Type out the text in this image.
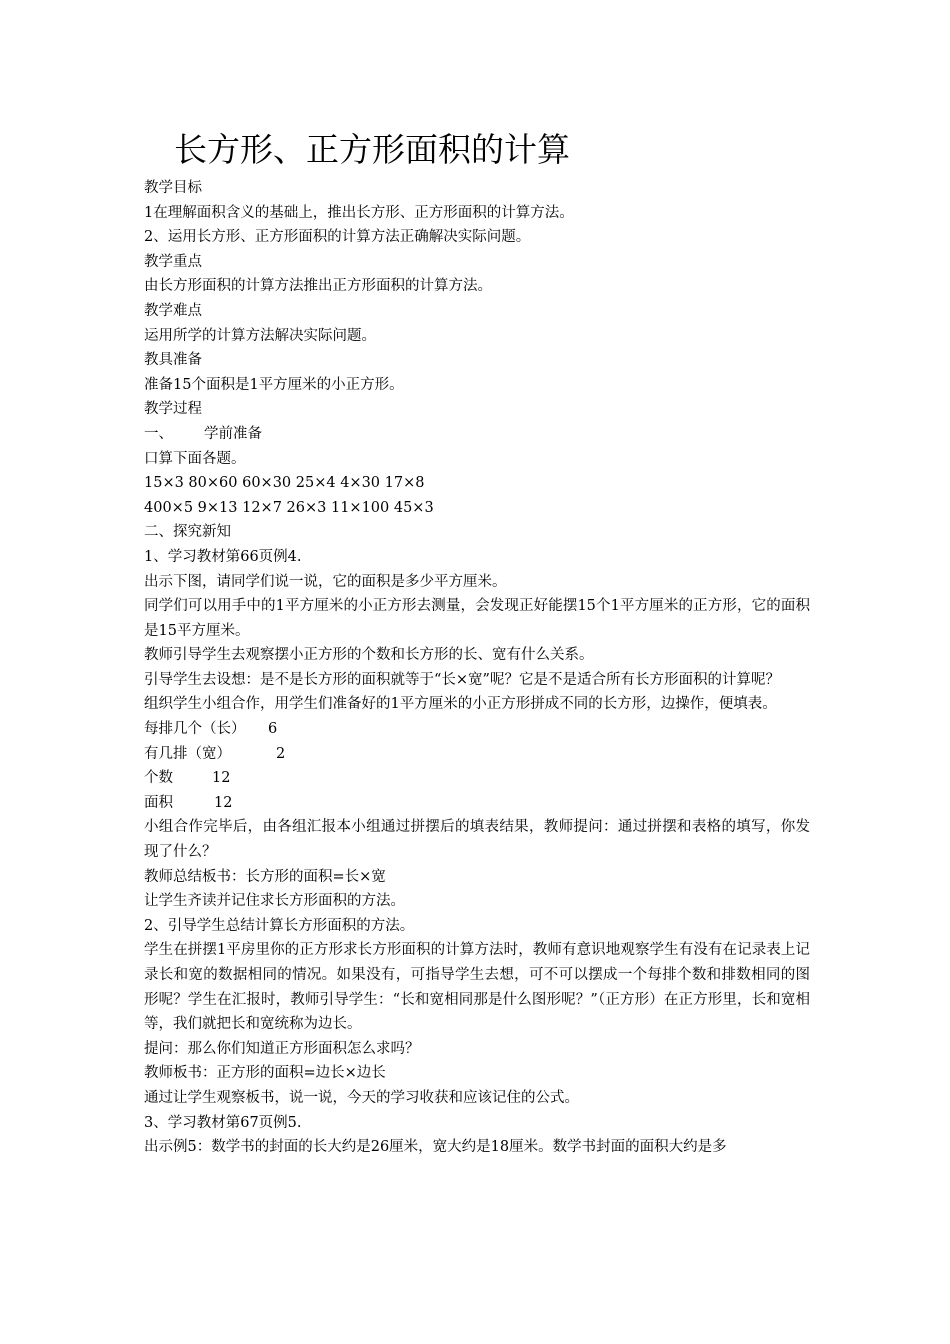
长方形、正方形面积的计算
教学目标
1在理解面积含义的基础上，推出长方形、正方形面积的计算方法。
2、运用长方形、正方形面积的计算方法正确解决实际问题。
教学重点
由长方形面积的计算方法推出正方形面积的计算方法。
教学难点
运用所学的计算方法解决实际问题。
教具准备
准备15个面积是1平方厘米的小正方形。
教学过程
一、 学前准备
口算下面各题。
15×3 80×60 60×30 25×4 4×30 17×8
400×5 9×13 12×7 26×3 11×100 45×3
二、探究新知
1、学习教材第66页例4.
出示下图，请同学们说一说，它的面积是多少平方厘米。
同学们可以用手中的1平方厘米的小正方形去测量，会发现正好能摆15个1平方厘米的正方形，它的面积是15平方厘米。
教师引导学生去观察摆小正方形的个数和长方形的长、宽有什么关系。
引导学生去设想：是不是长方形的面积就等于“长×宽”呢？它是不是适合所有长方形面积的计算呢？
组织学生小组合作，用学生们准备好的1平方厘米的小正方形拼成不同的长方形，边操作，便填表。
每排几个（长） 6
有几排（宽）	2
个数	12
面积	12
小组合作完毕后，由各组汇报本小组通过拼摆后的填表结果，教师提问：通过拼摆和表格的填写，你发现了什么？
教师总结板书：长方形的面积=长×宽
让学生齐读并记住求长方形面积的方法。
2、引导学生总结计算长方形面积的方法。
学生在拼摆1平房里你的正方形求长方形面积的计算方法时，教师有意识地观察学生有没有在记录表上记录长和宽的数据相同的情况。如果没有，可指导学生去想，可不可以摆成一个每排个数和排数相同的图形呢？学生在汇报时，教师引导学生：“长和宽相同那是什么图形呢？”（正方形）在正方形里，长和宽相等，我们就把长和宽统称为边长。
提问：那么你们知道正方形面积怎么求吗？
教师板书：正方形的面积=边长×边长
通过让学生观察板书，说一说，今天的学习收获和应该记住的公式。
3、学习教材第67页例5.
出示例5：数学书的封面的长大约是26厘米，宽大约是18厘米。数学书封面的面积大约是多
